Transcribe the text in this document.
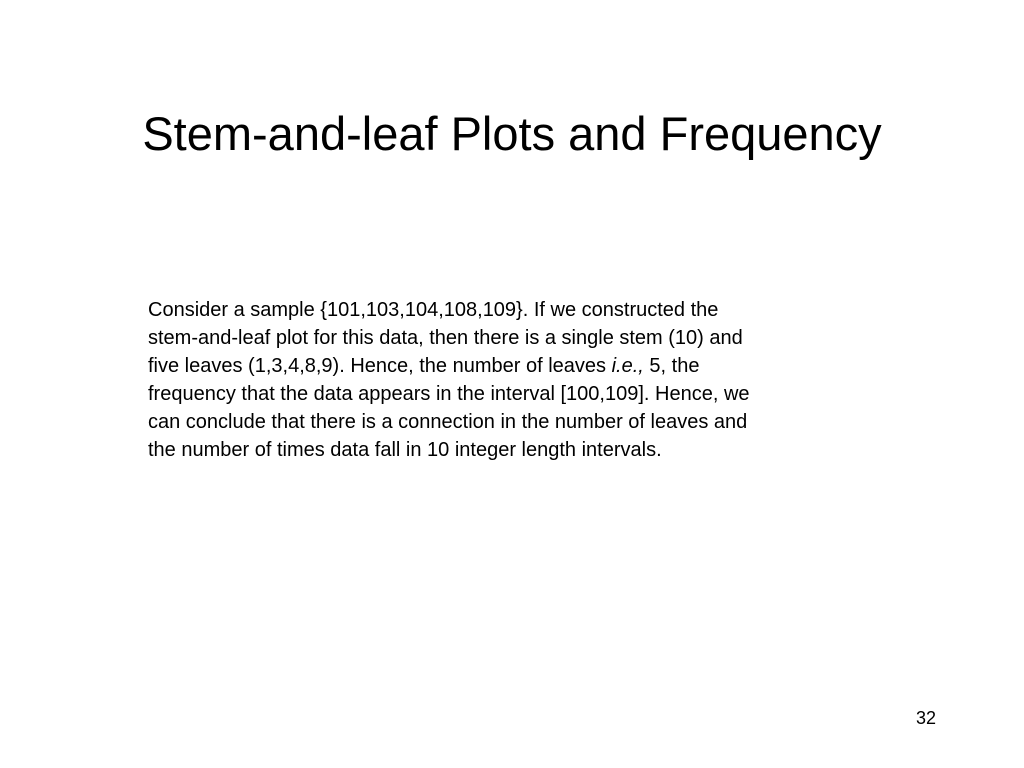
Stem-and-leaf Plots and Frequency
Consider a sample {101,103,104,108,109}. If we constructed the
stem-and-leaf plot for this data, then there is a single stem (10) and
five leaves (1,3,4,8,9). Hence, the number of leaves i.e., 5, the
frequency that the data appears in the interval [100,109]. Hence, we
can conclude that there is a connection in the number of leaves and
the number of times data fall in 10 integer length intervals.
32
